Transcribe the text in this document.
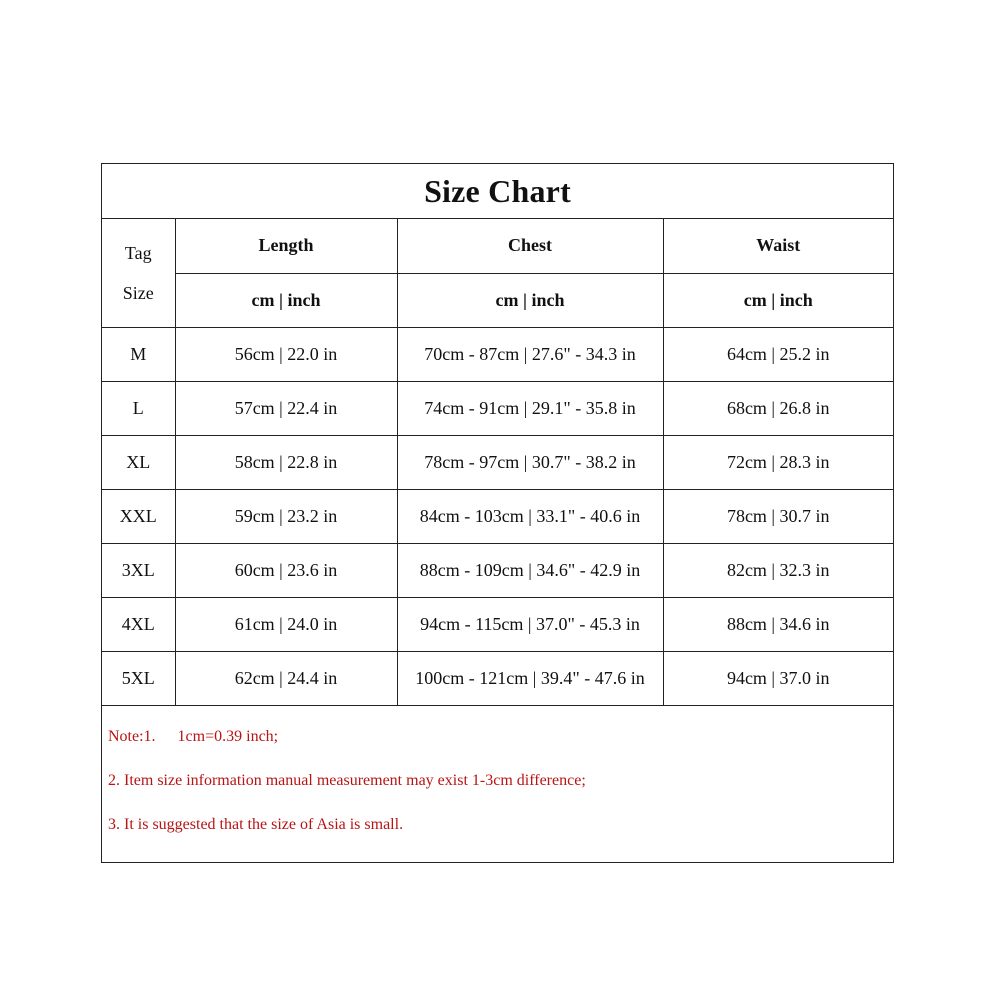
Size Chart
Tag
Size	Length	Chest	Waist
	cm | inch	cm | inch	cm | inch
M	56cm | 22.0 in	70cm - 87cm | 27.6" - 34.3 in	64cm | 25.2 in
L	57cm | 22.4 in	74cm - 91cm | 29.1" - 35.8 in	68cm | 26.8 in
XL	58cm | 22.8 in	78cm - 97cm | 30.7" - 38.2 in	72cm | 28.3 in
XXL	59cm | 23.2 in	84cm - 103cm | 33.1" - 40.6 in	78cm | 30.7 in
3XL	60cm | 23.6 in	88cm - 109cm | 34.6" - 42.9 in	82cm | 32.3 in
4XL	61cm | 24.0 in	94cm - 115cm | 37.0" - 45.3 in	88cm | 34.6 in
5XL	62cm | 24.4 in	100cm - 121cm | 39.4" - 47.6 in	94cm | 37.0 in
Note:1. 1cm=0.39 inch;
2. Item size information manual measurement may exist 1-3cm difference;
3. It is suggested that the size of Asia is small.
